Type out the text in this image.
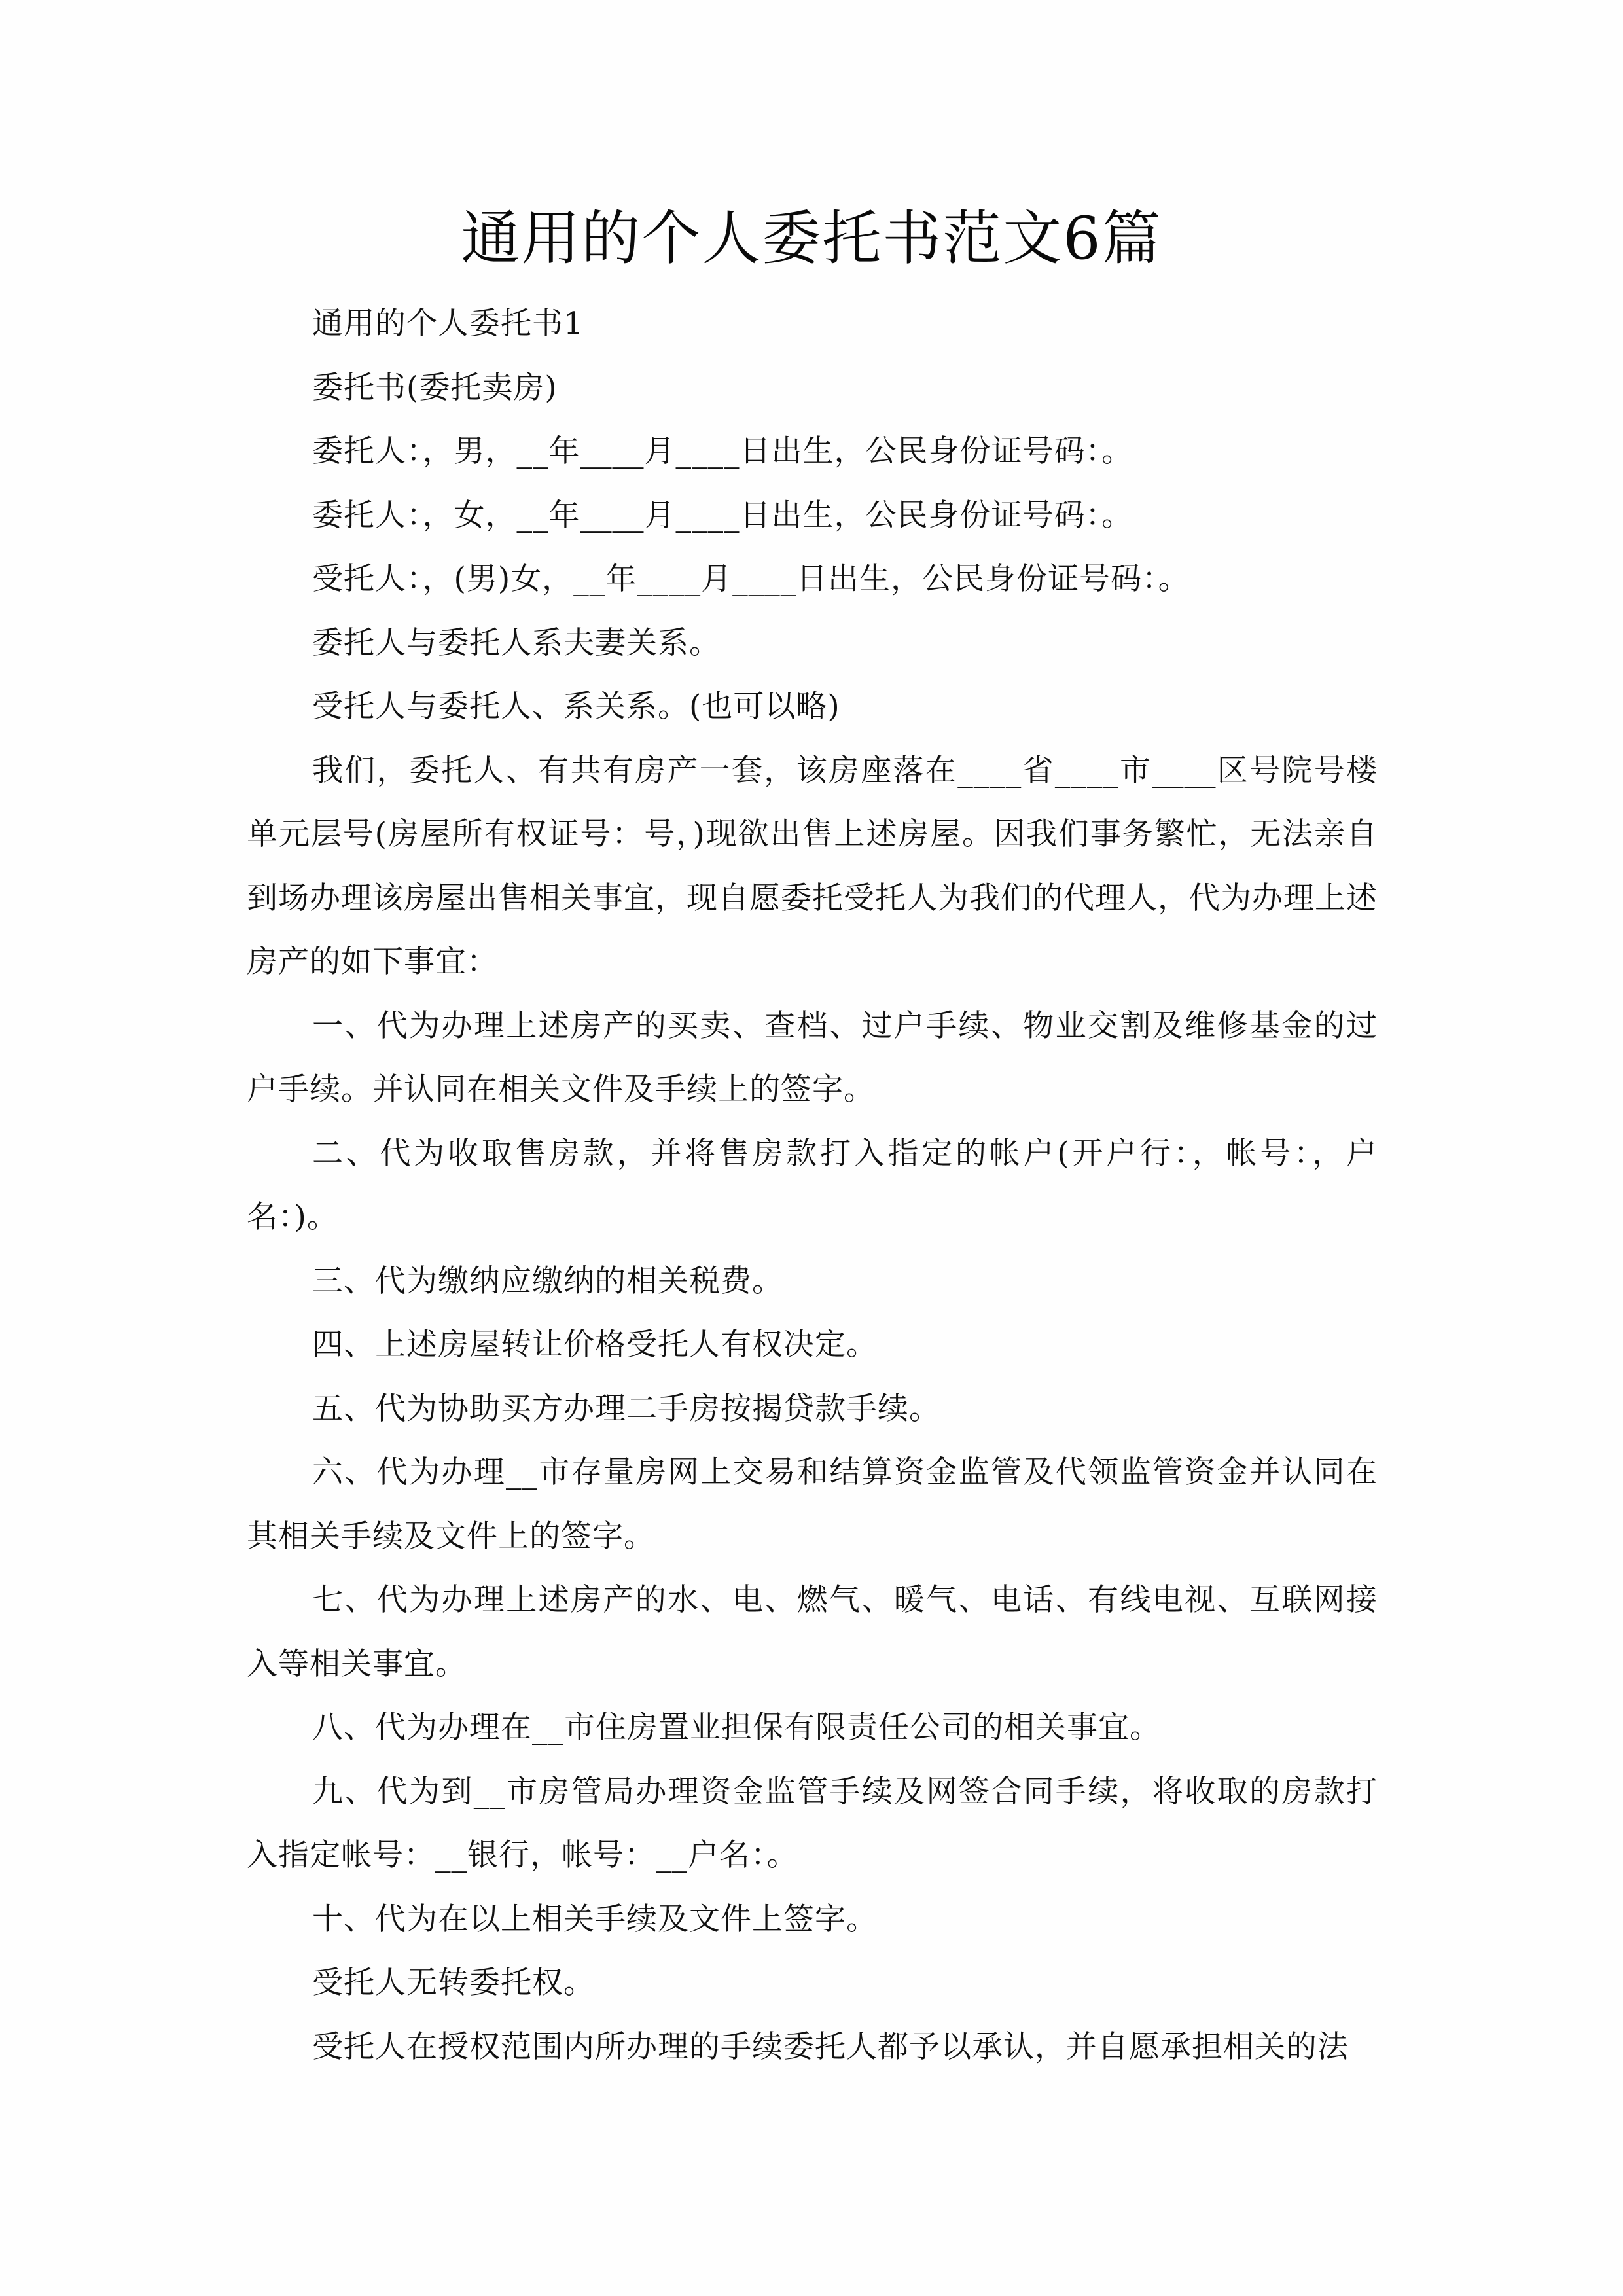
通用的个人委托书范文6篇

通用的个人委托书1

委托书(委托卖房)

委托人：，男，__年____月____日出生，公民身份证号码：。

委托人：，女，__年____月____日出生，公民身份证号码：。

受托人：，(男)女，__年____月____日出生，公民身份证号码：。

委托人与委托人系夫妻关系。

受托人与委托人、系关系。(也可以略)

我们，委托人、有共有房产一套，该房座落在____省____市____区号院号楼单元层号(房屋所有权证号：号，)现欲出售上述房屋。因我们事务繁忙，无法亲自到场办理该房屋出售相关事宜，现自愿委托受托人为我们的代理人，代为办理上述房产的如下事宜：

一、代为办理上述房产的买卖、查档、过户手续、物业交割及维修基金的过户手续。并认同在相关文件及手续上的签字。

二、代为收取售房款，并将售房款打入指定的帐户(开户行：，帐号：，户名：)。

三、代为缴纳应缴纳的相关税费。

四、上述房屋转让价格受托人有权决定。

五、代为协助买方办理二手房按揭贷款手续。

六、代为办理__市存量房网上交易和结算资金监管及代领监管资金并认同在其相关手续及文件上的签字。

七、代为办理上述房产的水、电、燃气、暖气、电话、有线电视、互联网接入等相关事宜。

八、代为办理在__市住房置业担保有限责任公司的相关事宜。

九、代为到__市房管局办理资金监管手续及网签合同手续，将收取的房款打入指定帐号：__银行，帐号：__户名：。

十、代为在以上相关手续及文件上签字。

受托人无转委托权。

受托人在授权范围内所办理的手续委托人都予以承认，并自愿承担相关的法
